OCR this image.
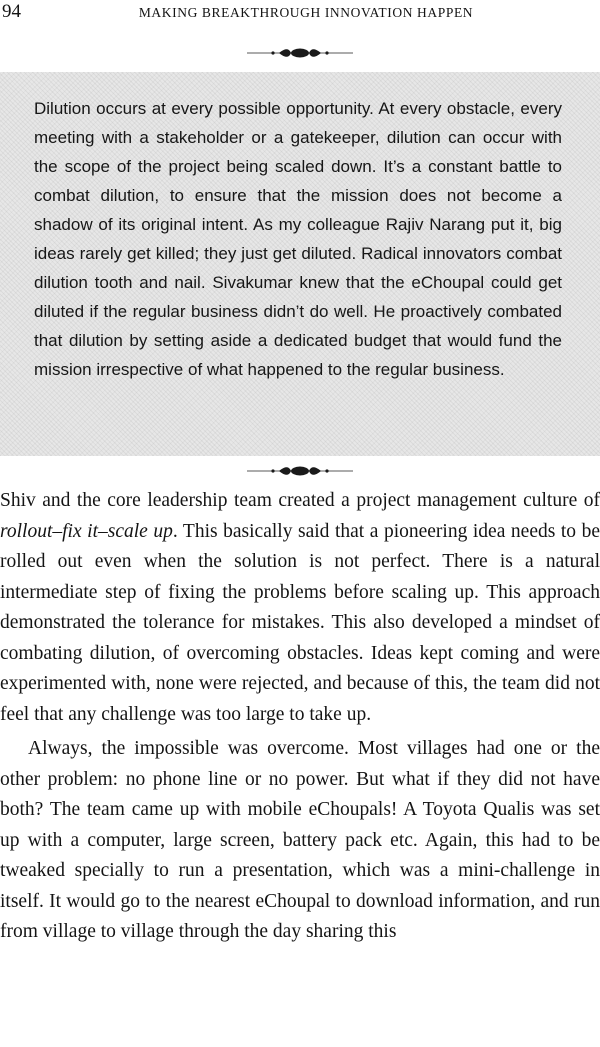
94	MAKING BREAKTHROUGH INNOVATION HAPPEN

Dilution occurs at every possible opportunity. At every obstacle, every meeting with a stakeholder or a gatekeeper, dilution can occur with the scope of the project being scaled down. It’s a constant battle to combat dilution, to ensure that the mission does not become a shadow of its original intent. As my colleague Rajiv Narang put it, big ideas rarely get killed; they just get diluted. Radical innovators combat dilution tooth and nail. Sivakumar knew that the eChoupal could get diluted if the regular business didn’t do well. He proactively combated that dilution by setting aside a dedicated budget that would fund the mission irrespective of what happened to the regular business.

Shiv and the core leadership team created a project management culture of rollout–fix it–scale up. This basically said that a pioneering idea needs to be rolled out even when the solution is not perfect. There is a natural intermediate step of fixing the problems before scaling up. This approach demonstrated the tolerance for mistakes. This also developed a mindset of combating dilution, of overcoming obstacles. Ideas kept coming and were experimented with, none were rejected, and because of this, the team did not feel that any challenge was too large to take up.

Always, the impossible was overcome. Most villages had one or the other problem: no phone line or no power. But what if they did not have both? The team came up with mobile eChoupals! A Toyota Qualis was set up with a computer, large screen, battery pack etc. Again, this had to be tweaked specially to run a presentation, which was a mini-challenge in itself. It would go to the nearest eChoupal to download information, and run from village to village through the day sharing this
